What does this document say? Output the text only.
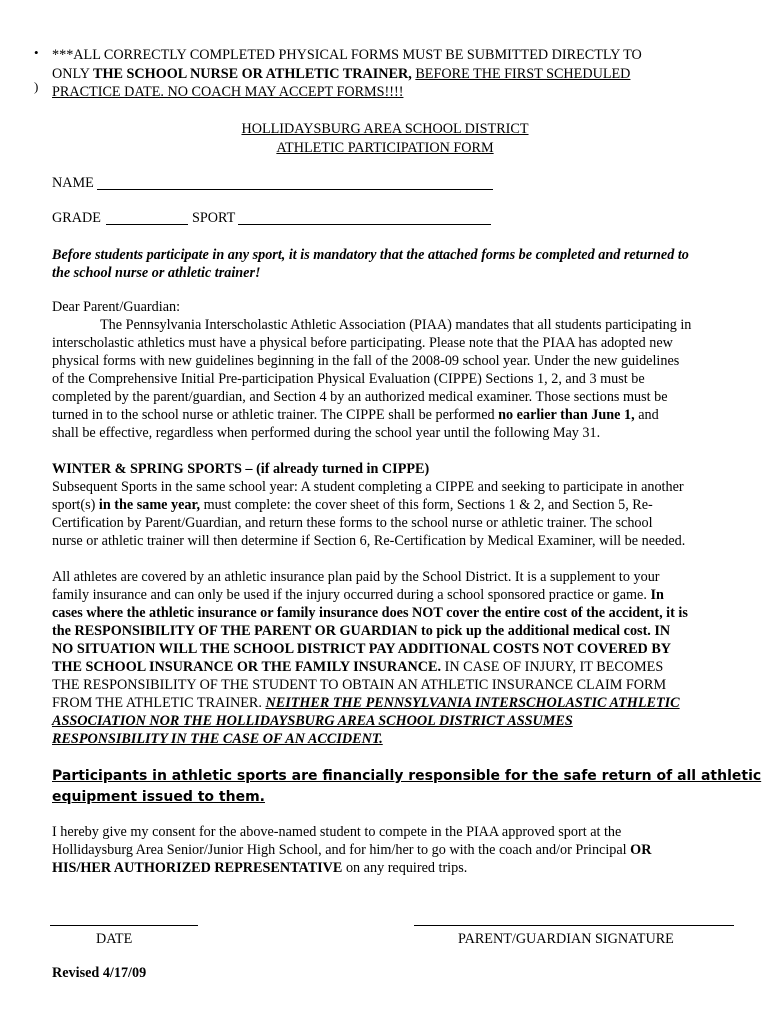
•
)
***ALL CORRECTLY COMPLETED PHYSICAL FORMS MUST BE SUBMITTED DIRECTLY TO
ONLY THE SCHOOL NURSE OR ATHLETIC TRAINER, BEFORE THE FIRST SCHEDULED
PRACTICE DATE. NO COACH MAY ACCEPT FORMS!!!!
HOLLIDAYSBURG AREA SCHOOL DISTRICT
ATHLETIC PARTICIPATION FORM
NAME
GRADE	SPORT
Before students participate in any sport, it is mandatory that the attached forms be completed and returned to
the school nurse or athletic trainer!
Dear Parent/Guardian:
The Pennsylvania Interscholastic Athletic Association (PIAA) mandates that all students participating in
interscholastic athletics must have a physical before participating. Please note that the PIAA has adopted new
physical forms with new guidelines beginning in the fall of the 2008-09 school year. Under the new guidelines
of the Comprehensive Initial Pre-participation Physical Evaluation (CIPPE) Sections 1, 2, and 3 must be
completed by the parent/guardian, and Section 4 by an authorized medical examiner. Those sections must be
turned in to the school nurse or athletic trainer. The CIPPE shall be performed no earlier than June 1, and
shall be effective, regardless when performed during the school year until the following May 31.
WINTER & SPRING SPORTS – (if already turned in CIPPE)
Subsequent Sports in the same school year: A student completing a CIPPE and seeking to participate in another
sport(s) in the same year, must complete: the cover sheet of this form, Sections 1 & 2, and Section 5, Re-
Certification by Parent/Guardian, and return these forms to the school nurse or athletic trainer. The school
nurse or athletic trainer will then determine if Section 6, Re-Certification by Medical Examiner, will be needed.
All athletes are covered by an athletic insurance plan paid by the School District. It is a supplement to your
family insurance and can only be used if the injury occurred during a school sponsored practice or game. In
cases where the athletic insurance or family insurance does NOT cover the entire cost of the accident, it is
the RESPONSIBILITY OF THE PARENT OR GUARDIAN to pick up the additional medical cost. IN
NO SITUATION WILL THE SCHOOL DISTRICT PAY ADDITIONAL COSTS NOT COVERED BY
THE SCHOOL INSURANCE OR THE FAMILY INSURANCE. IN CASE OF INJURY, IT BECOMES
THE RESPONSIBILITY OF THE STUDENT TO OBTAIN AN ATHLETIC INSURANCE CLAIM FORM
FROM THE ATHLETIC TRAINER. NEITHER THE PENNSYLVANIA INTERSCHOLASTIC ATHLETIC
ASSOCIATION NOR THE HOLLIDAYSBURG AREA SCHOOL DISTRICT ASSUMES
RESPONSIBILITY IN THE CASE OF AN ACCIDENT.
Participants in athletic sports are financially responsible for the safe return of all athletic
equipment issued to them.
I hereby give my consent for the above-named student to compete in the PIAA approved sport at the
Hollidaysburg Area Senior/Junior High School, and for him/her to go with the coach and/or Principal OR
HIS/HER AUTHORIZED REPRESENTATIVE on any required trips.
DATE	PARENT/GUARDIAN SIGNATURE
Revised 4/17/09
